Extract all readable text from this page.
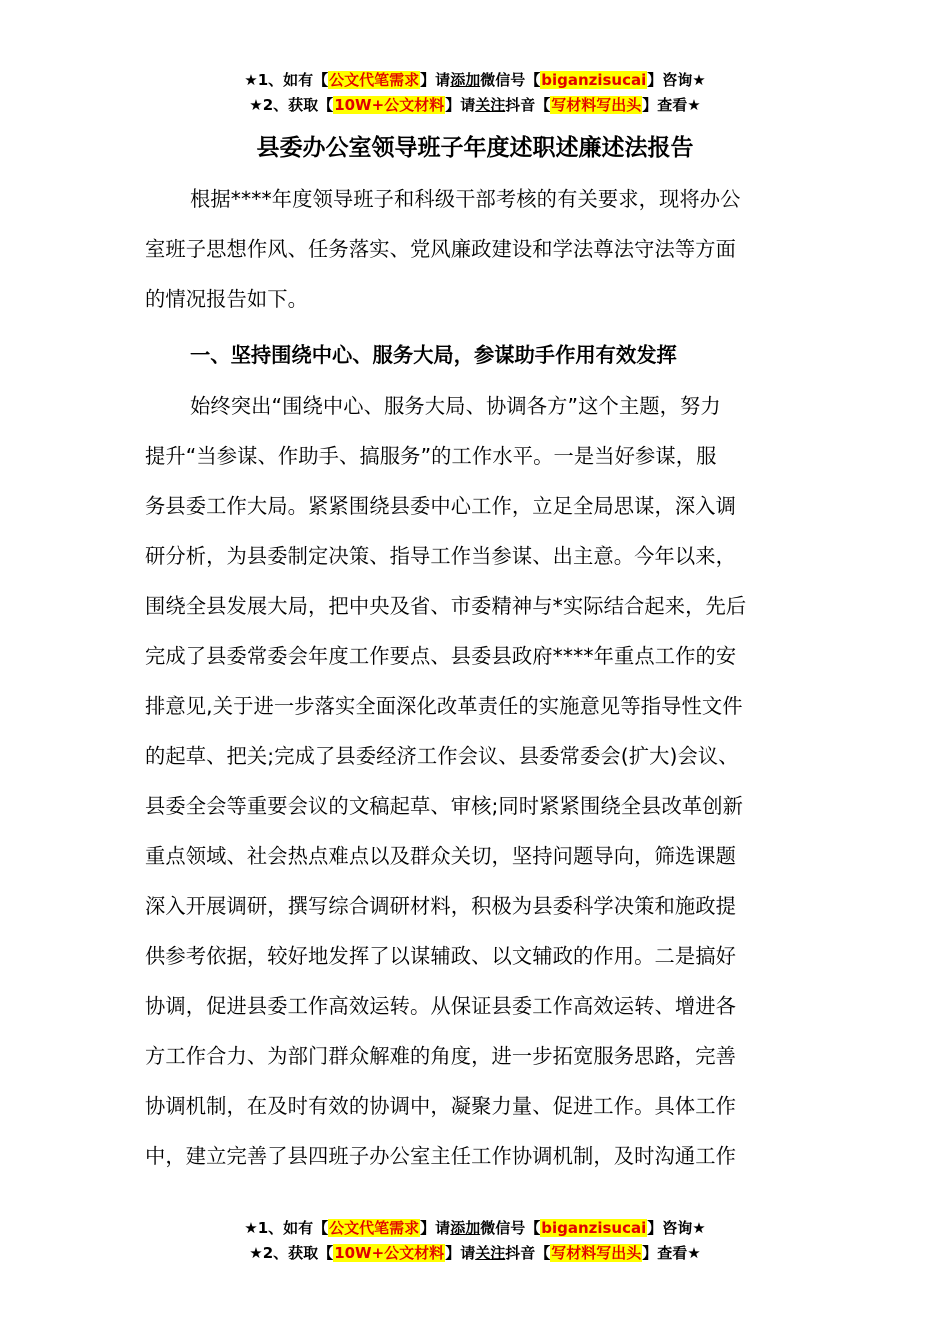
★1、如有【公文代笔需求】请添加微信号【biganzisucai】咨询★
★2、获取【10W+公文材料】请关注抖音【写材料写出头】查看★
县委办公室领导班子年度述职述廉述法报告
根据****年度领导班子和科级干部考核的有关要求，现将办公
室班子思想作风、任务落实、党风廉政建设和学法尊法守法等方面
的情况报告如下。
一、坚持围绕中心、服务大局，参谋助手作用有效发挥
始终突出“围绕中心、服务大局、协调各方”这个主题，努力
提升“当参谋、作助手、搞服务”的工作水平。一是当好参谋，服
务县委工作大局。紧紧围绕县委中心工作，立足全局思谋，深入调
研分析，为县委制定决策、指导工作当参谋、出主意。今年以来，
围绕全县发展大局，把中央及省、市委精神与*实际结合起来，先后
完成了县委常委会年度工作要点、县委县政府****年重点工作的安
排意见,关于进一步落实全面深化改革责任的实施意见等指导性文件
的起草、把关;完成了县委经济工作会议、县委常委会(扩大)会议、
县委全会等重要会议的文稿起草、审核;同时紧紧围绕全县改革创新
重点领域、社会热点难点以及群众关切，坚持问题导向，筛选课题
深入开展调研，撰写综合调研材料，积极为县委科学决策和施政提
供参考依据，较好地发挥了以谋辅政、以文辅政的作用。二是搞好
协调，促进县委工作高效运转。从保证县委工作高效运转、增进各
方工作合力、为部门群众解难的角度，进一步拓宽服务思路，完善
协调机制，在及时有效的协调中，凝聚力量、促进工作。具体工作
中，建立完善了县四班子办公室主任工作协调机制，及时沟通工作
★1、如有【公文代笔需求】请添加微信号【biganzisucai】咨询★
★2、获取【10W+公文材料】请关注抖音【写材料写出头】查看★
